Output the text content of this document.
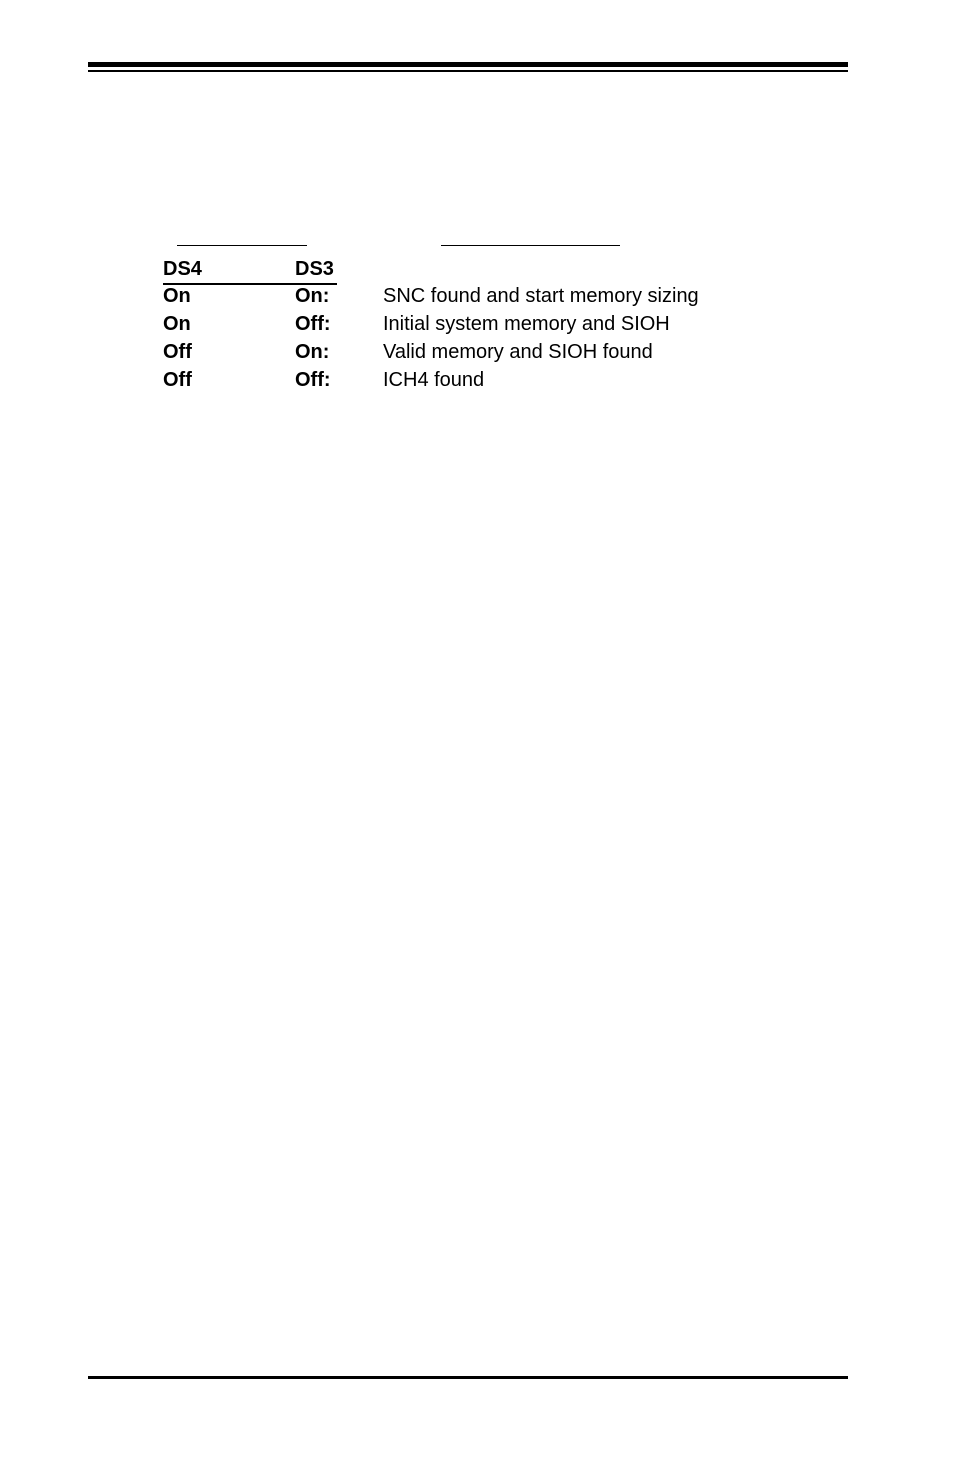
DS4	DS3
On	On:	SNC found and start memory sizing
On	Off:	Initial system memory and SIOH
Off	On:	Valid memory and SIOH found
Off	Off:	ICH4 found
